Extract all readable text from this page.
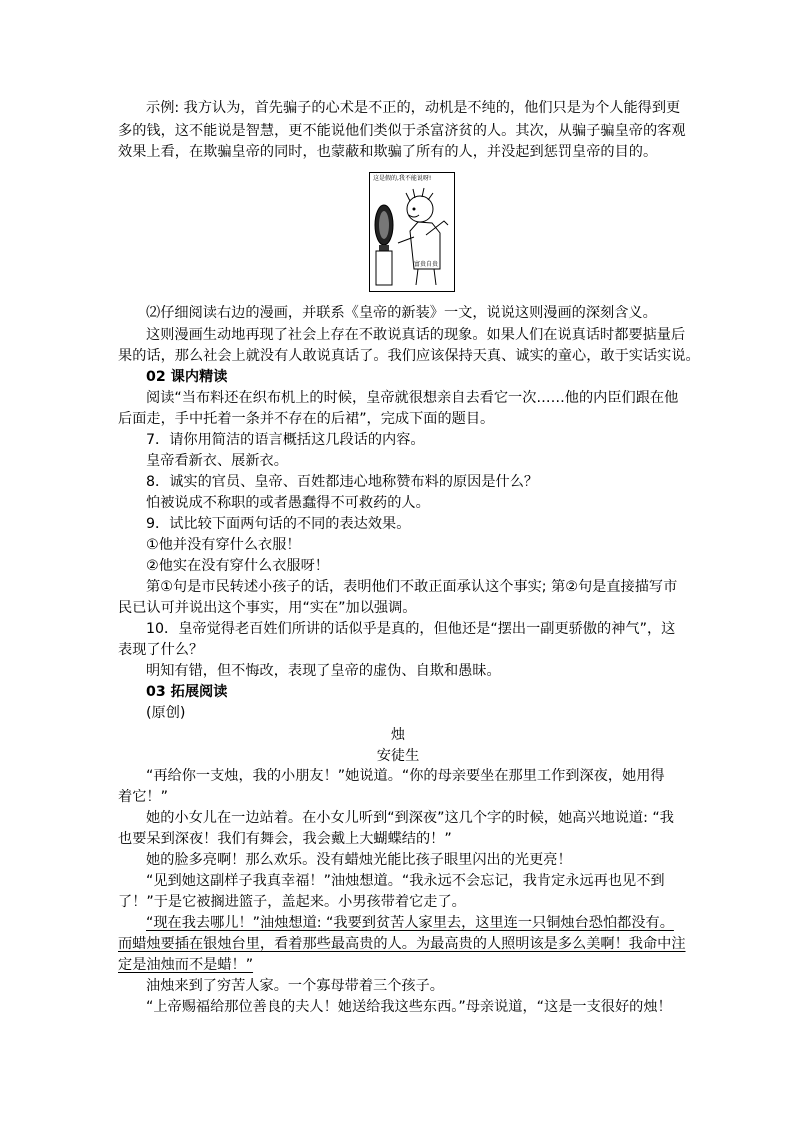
示例: 我方认为，首先骗子的心术是不正的，动机是不纯的，他们只是为个人能得到更
多的钱，这不能说是智慧，更不能说他们类似于杀富济贫的人。其次，从骗子骗皇帝的客观
效果上看，在欺骗皇帝的同时，也蒙蔽和欺骗了所有的人，并没起到惩罚皇帝的目的。
这是假的,我不能说呀!
富贵自贵
⑵仔细阅读右边的漫画，并联系《皇帝的新装》一文，说说这则漫画的深刻含义。
这则漫画生动地再现了社会上存在不敢说真话的现象。如果人们在说真话时都要掂量后
果的话，那么社会上就没有人敢说真话了。我们应该保持天真、诚实的童心，敢于实话实说。
02 课内精读
阅读“当布料还在织布机上的时候，皇帝就很想亲自去看它一次……他的内臣们跟在他
后面走，手中托着一条并不存在的后裙”，完成下面的题目。
7．请你用简洁的语言概括这几段话的内容。
皇帝看新衣、展新衣。
8．诚实的官员、皇帝、百姓都违心地称赞布料的原因是什么？
怕被说成不称职的或者愚蠢得不可救药的人。
9．试比较下面两句话的不同的表达效果。
①他并没有穿什么衣服！
②他实在没有穿什么衣服呀！
第①句是市民转述小孩子的话，表明他们不敢正面承认这个事实; 第②句是直接描写市
民已认可并说出这个事实，用“实在”加以强调。
10．皇帝觉得老百姓们所讲的话似乎是真的，但他还是“摆出一副更骄傲的神气”，这
表现了什么？
明知有错，但不悔改，表现了皇帝的虚伪、自欺和愚昧。
03 拓展阅读
(原创)
烛
安徒生
“再给你一支烛，我的小朋友！”她说道。“你的母亲要坐在那里工作到深夜，她用得
着它！”
她的小女儿在一边站着。在小女儿听到“到深夜”这几个字的时候，她高兴地说道: “我
也要呆到深夜！我们有舞会，我会戴上大蝴蝶结的！”
她的脸多亮啊！那么欢乐。没有蜡烛光能比孩子眼里闪出的光更亮！
“见到她这副样子我真幸福！”油烛想道。“我永远不会忘记，我肯定永远再也见不到
了！”于是它被搁进篮子，盖起来。小男孩带着它走了。
“现在我去哪儿！”油烛想道: “我要到贫苦人家里去，这里连一只铜烛台恐怕都没有。
而蜡烛要插在银烛台里，看着那些最高贵的人。为最高贵的人照明该是多么美啊！我命中注
定是油烛而不是蜡！”
油烛来到了穷苦人家。一个寡母带着三个孩子。
“上帝赐福给那位善良的夫人！她送给我这些东西。”母亲说道，“这是一支很好的烛！
